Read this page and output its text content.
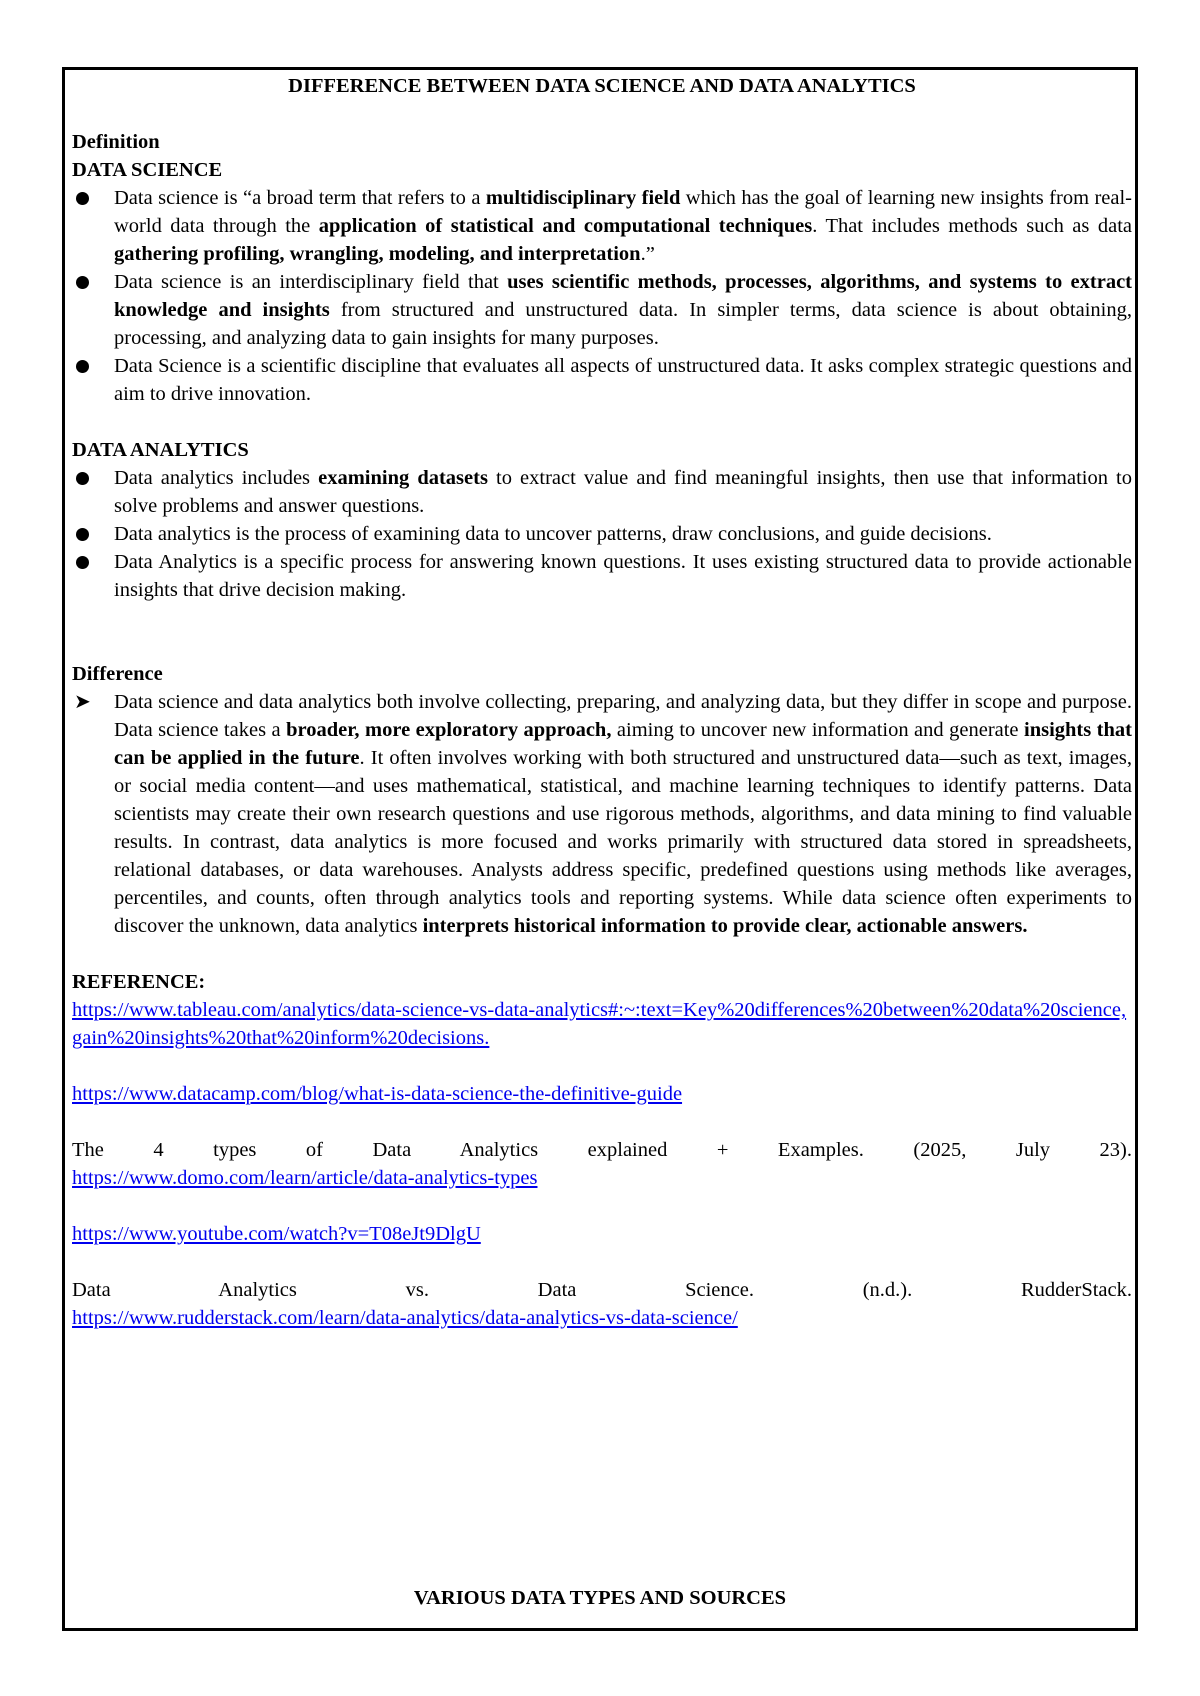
DIFFERENCE BETWEEN DATA SCIENCE AND DATA ANALYTICS

Definition

DATA SCIENCE

Data science is “a broad term that refers to a multidisciplinary field which has the goal of learning new insights from real-world data through the application of statistical and computational techniques. That includes methods such as data gathering profiling, wrangling, modeling, and interpretation.”
Data science is an interdisciplinary field that uses scientific methods, processes, algorithms, and systems to extract knowledge and insights from structured and unstructured data. In simpler terms, data science is about obtaining, processing, and analyzing data to gain insights for many purposes.
Data Science is a scientific discipline that evaluates all aspects of unstructured data. It asks complex strategic questions and aim to drive innovation.

DATA ANALYTICS

Data analytics includes examining datasets to extract value and find meaningful insights, then use that information to solve problems and answer questions.
Data analytics is the process of examining data to uncover patterns, draw conclusions, and guide decisions.
Data Analytics is a specific process for answering known questions. It uses existing structured data to provide actionable insights that drive decision making.

Difference

➤ Data science and data analytics both involve collecting, preparing, and analyzing data, but they differ in scope and purpose. Data science takes a broader, more exploratory approach, aiming to uncover new information and generate insights that can be applied in the future. It often involves working with both structured and unstructured data—such as text, images, or social media content—and uses mathematical, statistical, and machine learning techniques to identify patterns. Data scientists may create their own research questions and use rigorous methods, algorithms, and data mining to find valuable results. In contrast, data analytics is more focused and works primarily with structured data stored in spreadsheets, relational databases, or data warehouses. Analysts address specific, predefined questions using methods like averages, percentiles, and counts, often through analytics tools and reporting systems. While data science often experiments to discover the unknown, data analytics interprets historical information to provide clear, actionable answers.

REFERENCE:

https://www.tableau.com/analytics/data-science-vs-data-analytics#:~:text=Key%20differences%20between%20data%20science,gain%20insights%20that%20inform%20decisions.

https://www.datacamp.com/blog/what-is-data-science-the-definitive-guide

The 4 types of Data Analytics explained + Examples. (2025, July 23).

https://www.domo.com/learn/article/data-analytics-types

https://www.youtube.com/watch?v=T08eJt9DlgU

Data Analytics vs. Data Science. (n.d.). RudderStack.

https://www.rudderstack.com/learn/data-analytics/data-analytics-vs-data-science/

VARIOUS DATA TYPES AND SOURCES
